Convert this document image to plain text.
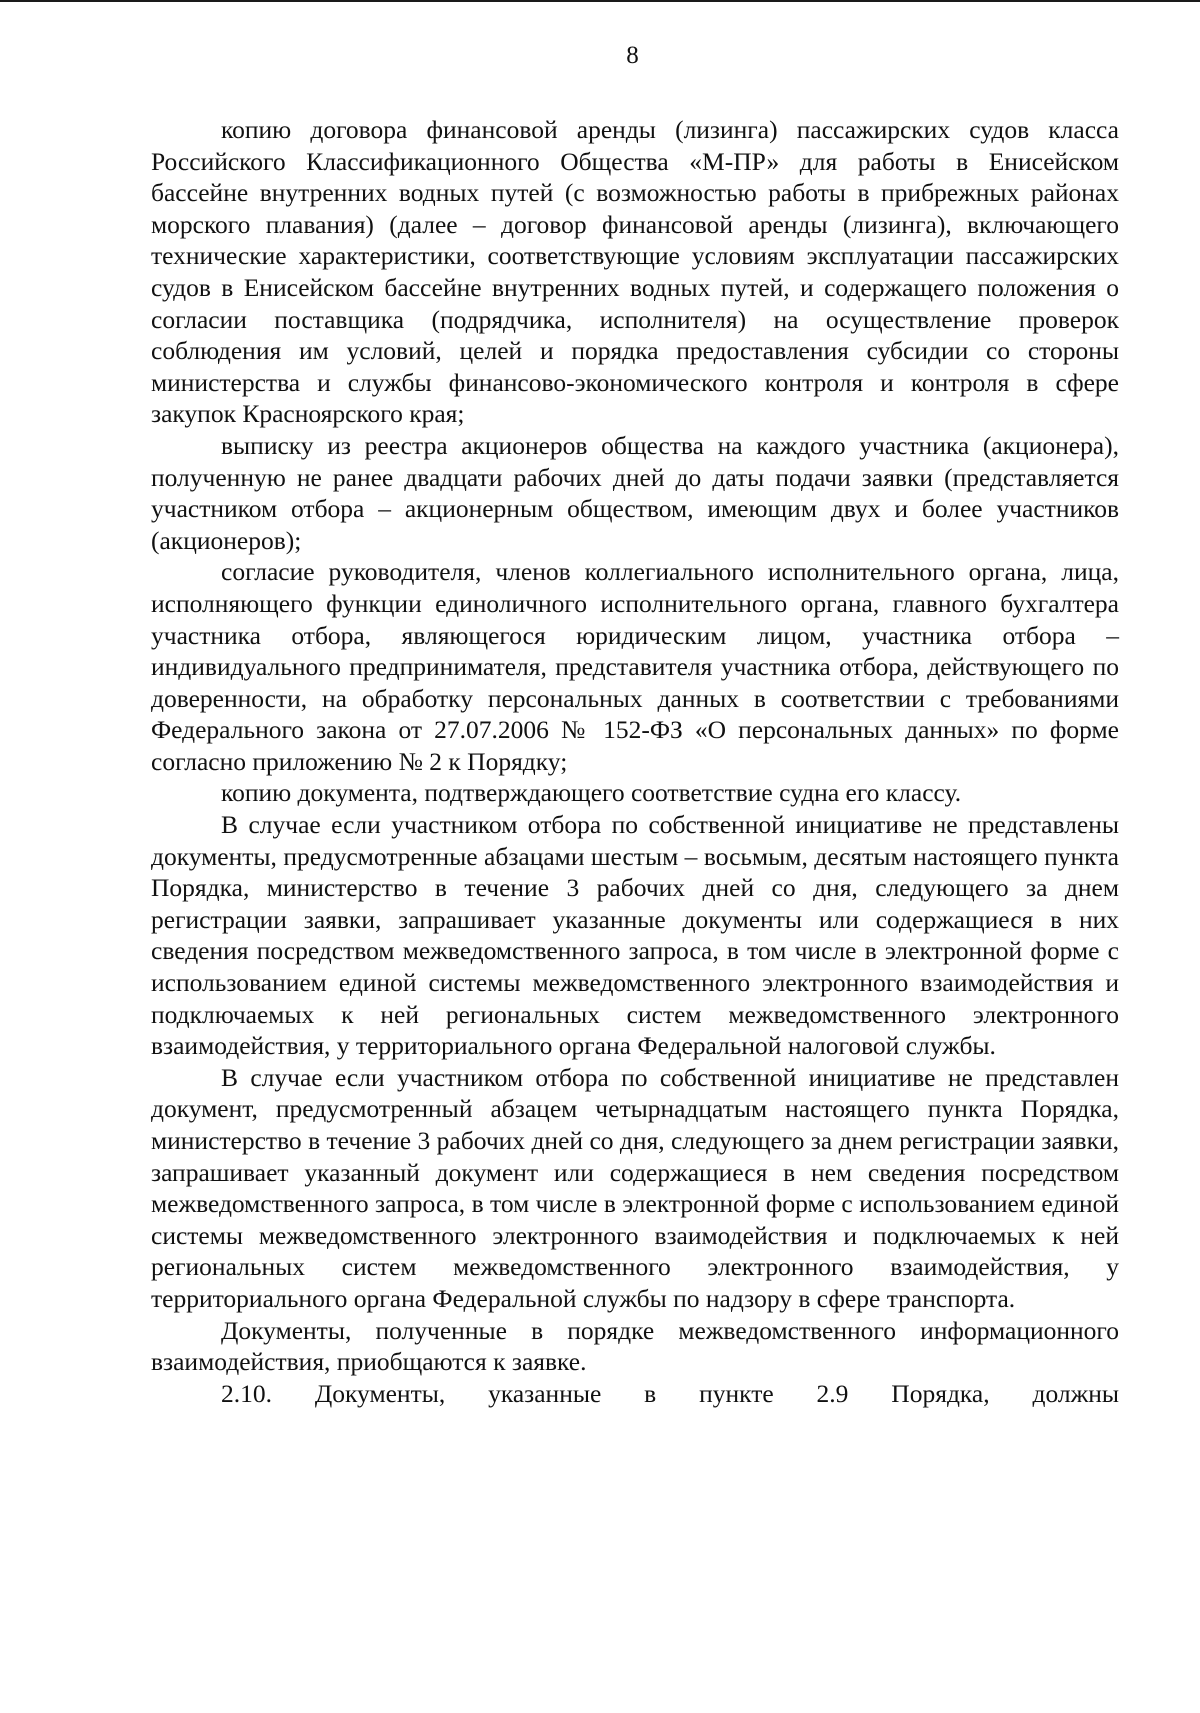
8

копию договора финансовой аренды (лизинга) пассажирских судов класса Российского Классификационного Общества «М-ПР» для работы в Енисейском бассейне внутренних водных путей (с возможностью работы в прибрежных районах морского плавания) (далее – договор финансовой аренды (лизинга), включающего технические характеристики, соответствующие условиям эксплуатации пассажирских судов в Енисейском бассейне внутренних водных путей, и содержащего положения о согласии поставщика (подрядчика, исполнителя) на осуществление проверок соблюдения им условий, целей и порядка предоставления субсидии со стороны министерства и службы финансово-экономического контроля и контроля в сфере закупок Красноярского края;

выписку из реестра акционеров общества на каждого участника (акционера), полученную не ранее двадцати рабочих дней до даты подачи заявки (представляется участником отбора – акционерным обществом, имеющим двух и более участников (акционеров);

согласие руководителя, членов коллегиального исполнительного органа, лица, исполняющего функции единоличного исполнительного органа, главного бухгалтера участника отбора, являющегося юридическим лицом, участника отбора – индивидуального предпринимателя, представителя участника отбора, действующего по доверенности, на обработку персональных данных в соответствии с требованиями Федерального закона от 27.07.2006 № 152-ФЗ «О персональных данных» по форме согласно приложению № 2 к Порядку;

копию документа, подтверждающего соответствие судна его классу.

В случае если участником отбора по собственной инициативе не представлены документы, предусмотренные абзацами шестым – восьмым, десятым настоящего пункта Порядка, министерство в течение 3 рабочих дней со дня, следующего за днем регистрации заявки, запрашивает указанные документы или содержащиеся в них сведения посредством межведомственного запроса, в том числе в электронной форме с использованием единой системы межведомственного электронного взаимодействия и подключаемых к ней региональных систем межведомственного электронного взаимодействия, у территориального органа Федеральной налоговой службы.

В случае если участником отбора по собственной инициативе не представлен документ, предусмотренный абзацем четырнадцатым настоящего пункта Порядка, министерство в течение 3 рабочих дней со дня, следующего за днем регистрации заявки, запрашивает указанный документ или содержащиеся в нем сведения посредством межведомственного запроса, в том числе в электронной форме с использованием единой системы межведомственного электронного взаимодействия и подключаемых к ней региональных систем межведомственного электронного взаимодействия, у территориального органа Федеральной службы по надзору в сфере транспорта.

Документы, полученные в порядке межведомственного информационного взаимодействия, приобщаются к заявке.

2.10. Документы, указанные в пункте 2.9 Порядка, должны
